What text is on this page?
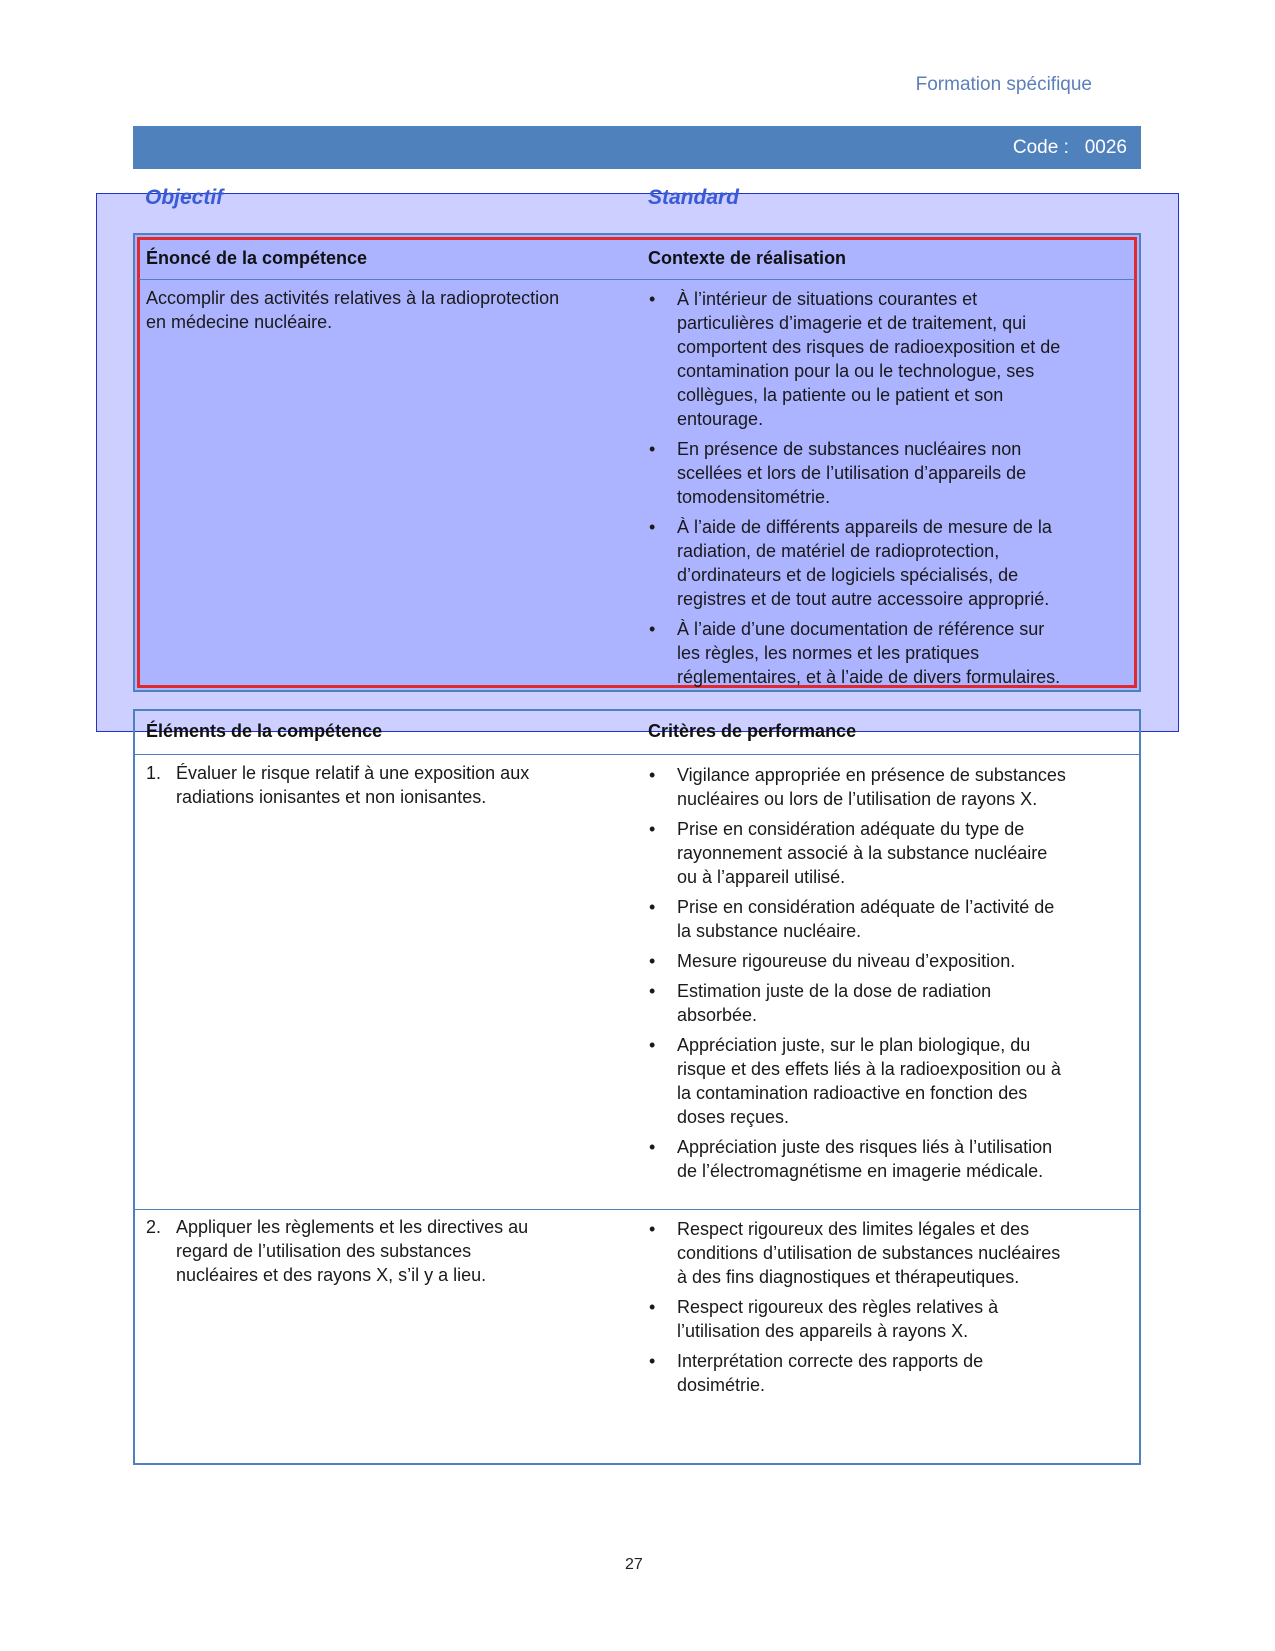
Formation spécifique
Code : 0026
Objectif	Standard
Énoncé de la compétence	Contexte de réalisation
Accomplir des activités relatives à la radioprotection
en médecine nucléaire.
• À l’intérieur de situations courantes et
particulières d’imagerie et de traitement, qui
comportent des risques de radioexposition et de
contamination pour la ou le technologue, ses
collègues, la patiente ou le patient et son
entourage.
• En présence de substances nucléaires non
scellées et lors de l’utilisation d’appareils de
tomodensitométrie.
• À l’aide de différents appareils de mesure de la
radiation, de matériel de radioprotection,
d’ordinateurs et de logiciels spécialisés, de
registres et de tout autre accessoire approprié.
• À l’aide d’une documentation de référence sur
les règles, les normes et les pratiques
réglementaires, et à l’aide de divers formulaires.
Éléments de la compétence	Critères de performance
1. Évaluer le risque relatif à une exposition aux
radiations ionisantes et non ionisantes.
• Vigilance appropriée en présence de substances
nucléaires ou lors de l’utilisation de rayons X.
• Prise en considération adéquate du type de
rayonnement associé à la substance nucléaire
ou à l’appareil utilisé.
• Prise en considération adéquate de l’activité de
la substance nucléaire.
• Mesure rigoureuse du niveau d’exposition.
• Estimation juste de la dose de radiation
absorbée.
• Appréciation juste, sur le plan biologique, du
risque et des effets liés à la radioexposition ou à
la contamination radioactive en fonction des
doses reçues.
• Appréciation juste des risques liés à l’utilisation
de l’électromagnétisme en imagerie médicale.
2. Appliquer les règlements et les directives au
regard de l’utilisation des substances
nucléaires et des rayons X, s’il y a lieu.
• Respect rigoureux des limites légales et des
conditions d’utilisation de substances nucléaires
à des fins diagnostiques et thérapeutiques.
• Respect rigoureux des règles relatives à
l’utilisation des appareils à rayons X.
• Interprétation correcte des rapports de
dosimétrie.
27
